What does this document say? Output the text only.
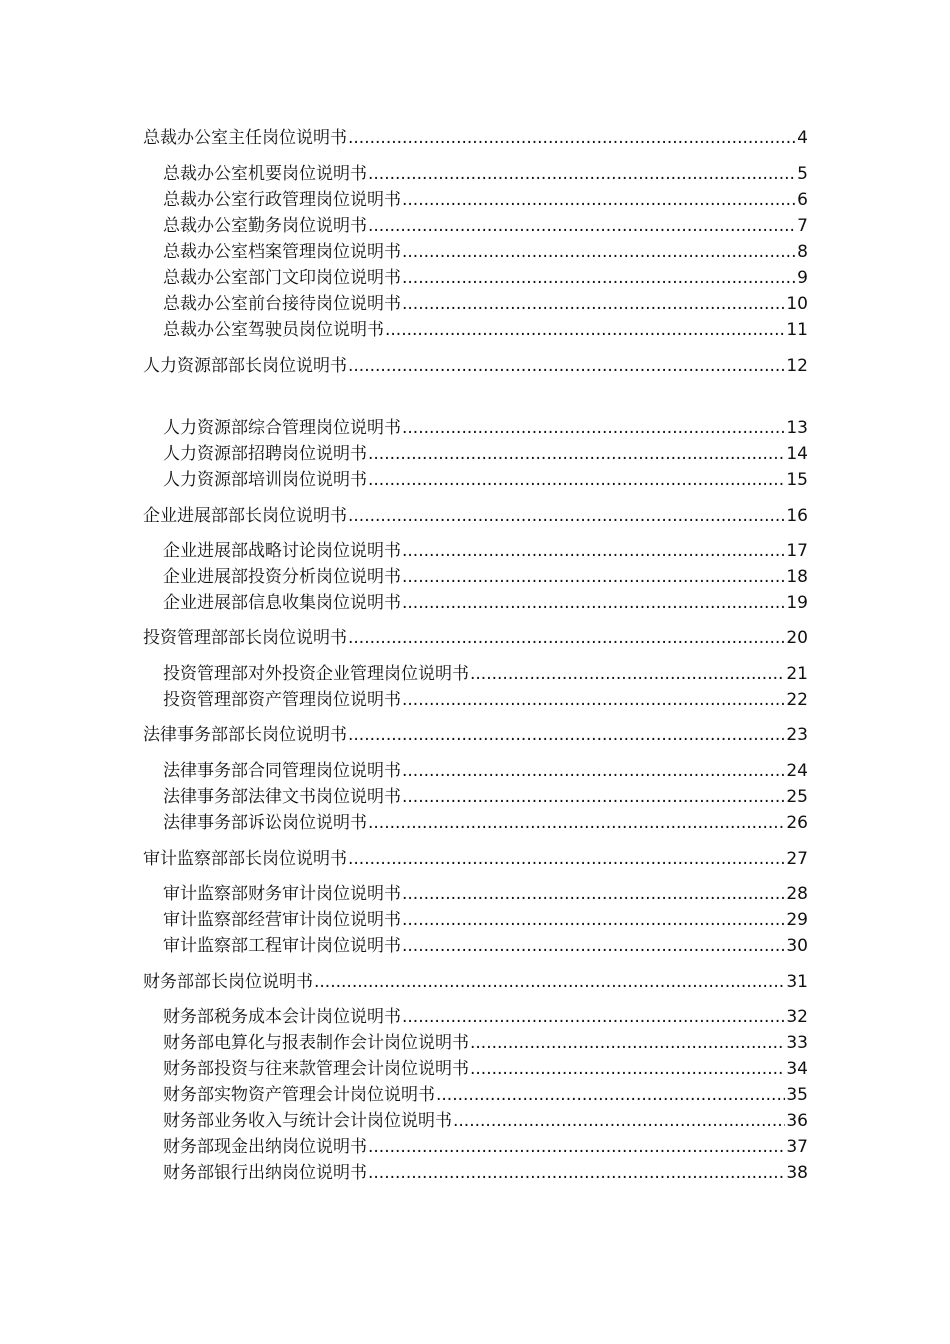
总裁办公室主任岗位说明书 .....	4
总裁办公室机要岗位说明书 .....	5
总裁办公室行政管理岗位说明书 .....	6
总裁办公室勤务岗位说明书 .....	7
总裁办公室档案管理岗位说明书 .....	8
总裁办公室部门文印岗位说明书 .....	9
总裁办公室前台接待岗位说明书 .....	10
总裁办公室驾驶员岗位说明书 .....	11
人力资源部部长岗位说明书 .....	12
人力资源部综合管理岗位说明书 .....	13
人力资源部招聘岗位说明书 .....	14
人力资源部培训岗位说明书 .....	15
企业进展部部长岗位说明书 .....	16
企业进展部战略讨论岗位说明书 .....	17
企业进展部投资分析岗位说明书 .....	18
企业进展部信息收集岗位说明书 .....	19
投资管理部部长岗位说明书 .....	20
投资管理部对外投资企业管理岗位说明书 .....	21
投资管理部资产管理岗位说明书 .....	22
法律事务部部长岗位说明书 .....	23
法律事务部合同管理岗位说明书 .....	24
法律事务部法律文书岗位说明书 .....	25
法律事务部诉讼岗位说明书 .....	26
审计监察部部长岗位说明书 .....	27
审计监察部财务审计岗位说明书 .....	28
审计监察部经营审计岗位说明书 .....	29
审计监察部工程审计岗位说明书 .....	30
财务部部长岗位说明书 .....	31
财务部税务成本会计岗位说明书 .....	32
财务部电算化与报表制作会计岗位说明书 .....	33
财务部投资与往来款管理会计岗位说明书 .....	34
财务部实物资产管理会计岗位说明书 .....	35
财务部业务收入与统计会计岗位说明书 .....	36
财务部现金出纳岗位说明书 .....	37
财务部银行出纳岗位说明书 .....	38
